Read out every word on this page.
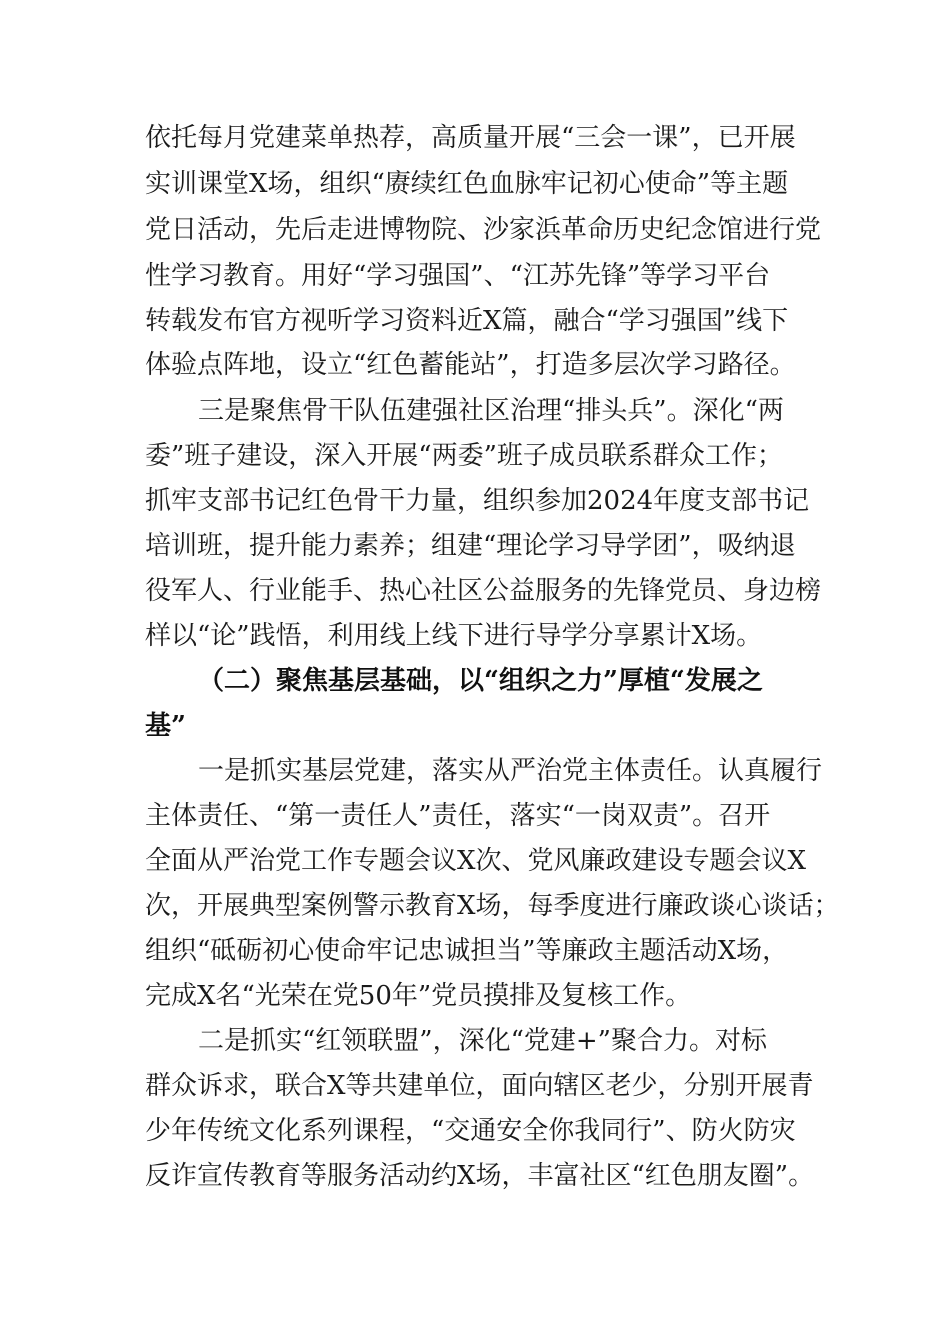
依托每月党建菜单热荐，高质量开展“三会一课”，已开展
实训课堂X场，组织“赓续红色血脉牢记初心使命”等主题
党日活动，先后走进博物院、沙家浜革命历史纪念馆进行党
性学习教育。用好“学习强国”、“江苏先锋”等学习平台
转载发布官方视听学习资料近X篇，融合“学习强国”线下
体验点阵地，设立“红色蓄能站”，打造多层次学习路径。
三是聚焦骨干队伍建强社区治理“排头兵”。深化“两
委”班子建设，深入开展“两委”班子成员联系群众工作；
抓牢支部书记红色骨干力量，组织参加2024年度支部书记
培训班，提升能力素养；组建“理论学习导学团”，吸纳退
役军人、行业能手、热心社区公益服务的先锋党员、身边榜
样以“论”践悟，利用线上线下进行导学分享累计X场。
（二）聚焦基层基础，以“组织之力”厚植“发展之
基”
一是抓实基层党建，落实从严治党主体责任。认真履行
主体责任、“第一责任人”责任，落实“一岗双责”。召开
全面从严治党工作专题会议X次、党风廉政建设专题会议X
次，开展典型案例警示教育X场，每季度进行廉政谈心谈话；
组织“砥砺初心使命牢记忠诚担当”等廉政主题活动X场，
完成X名“光荣在党50年”党员摸排及复核工作。
二是抓实“红领联盟”，深化“党建+”聚合力。对标
群众诉求，联合X等共建单位，面向辖区老少，分别开展青
少年传统文化系列课程，“交通安全你我同行”、防火防灾
反诈宣传教育等服务活动约X场，丰富社区“红色朋友圈”。
